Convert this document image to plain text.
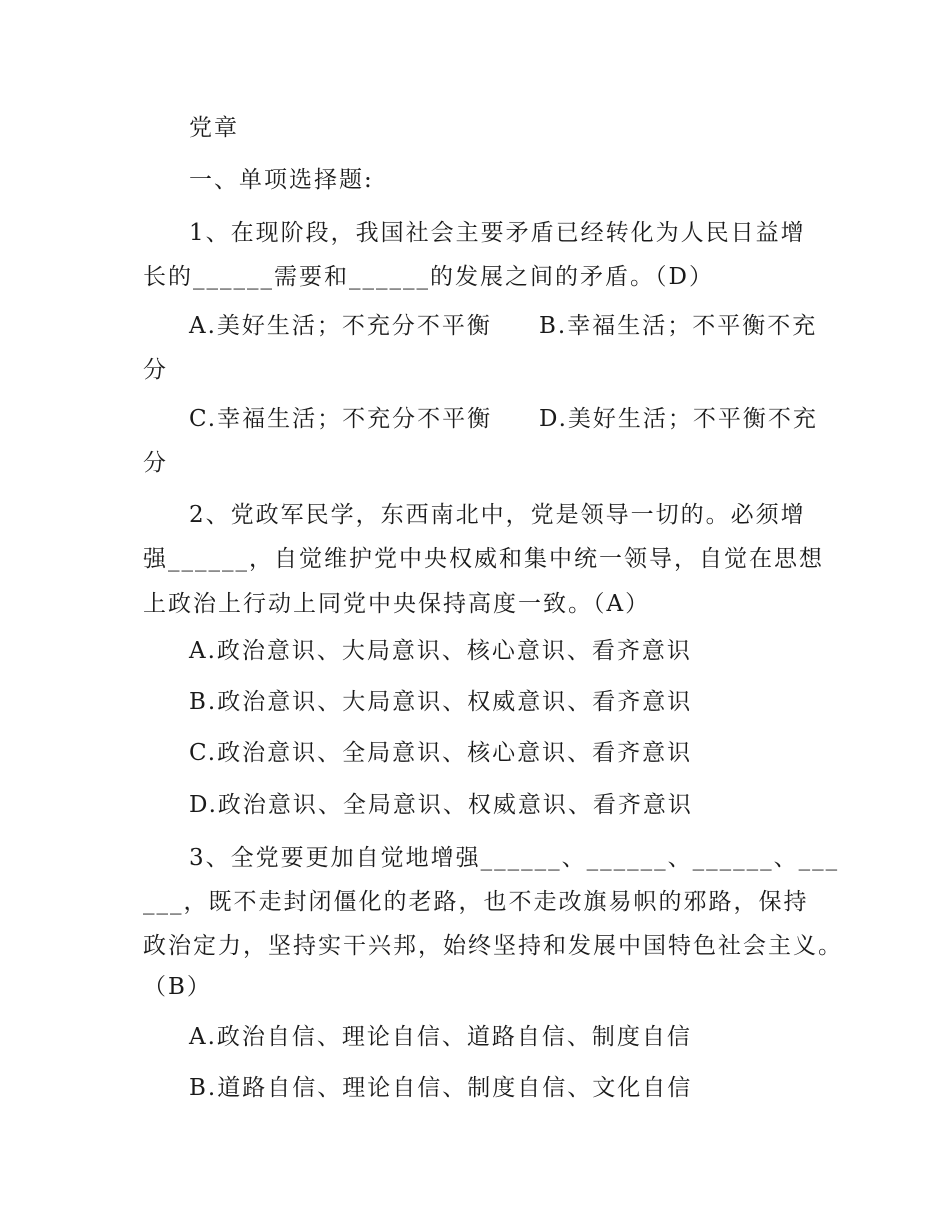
党章
一、单项选择题:
1、在现阶段，我国社会主要矛盾已经转化为人民日益增
长的______需要和______的发展之间的矛盾。（D）
A.美好生活；不充分不平衡 B.幸福生活；不平衡不充
分
C.幸福生活；不充分不平衡 D.美好生活；不平衡不充
分
2、党政军民学，东西南北中，党是领导一切的。必须增
强______，自觉维护党中央权威和集中统一领导，自觉在思想
上政治上行动上同党中央保持高度一致。（A）
A.政治意识、大局意识、核心意识、看齐意识
B.政治意识、大局意识、权威意识、看齐意识
C.政治意识、全局意识、核心意识、看齐意识
D.政治意识、全局意识、权威意识、看齐意识
3、全党要更加自觉地增强______、______、______、___
___，既不走封闭僵化的老路，也不走改旗易帜的邪路，保持
政治定力，坚持实干兴邦，始终坚持和发展中国特色社会主义。
（B）
A.政治自信、理论自信、道路自信、制度自信
B.道路自信、理论自信、制度自信、文化自信
